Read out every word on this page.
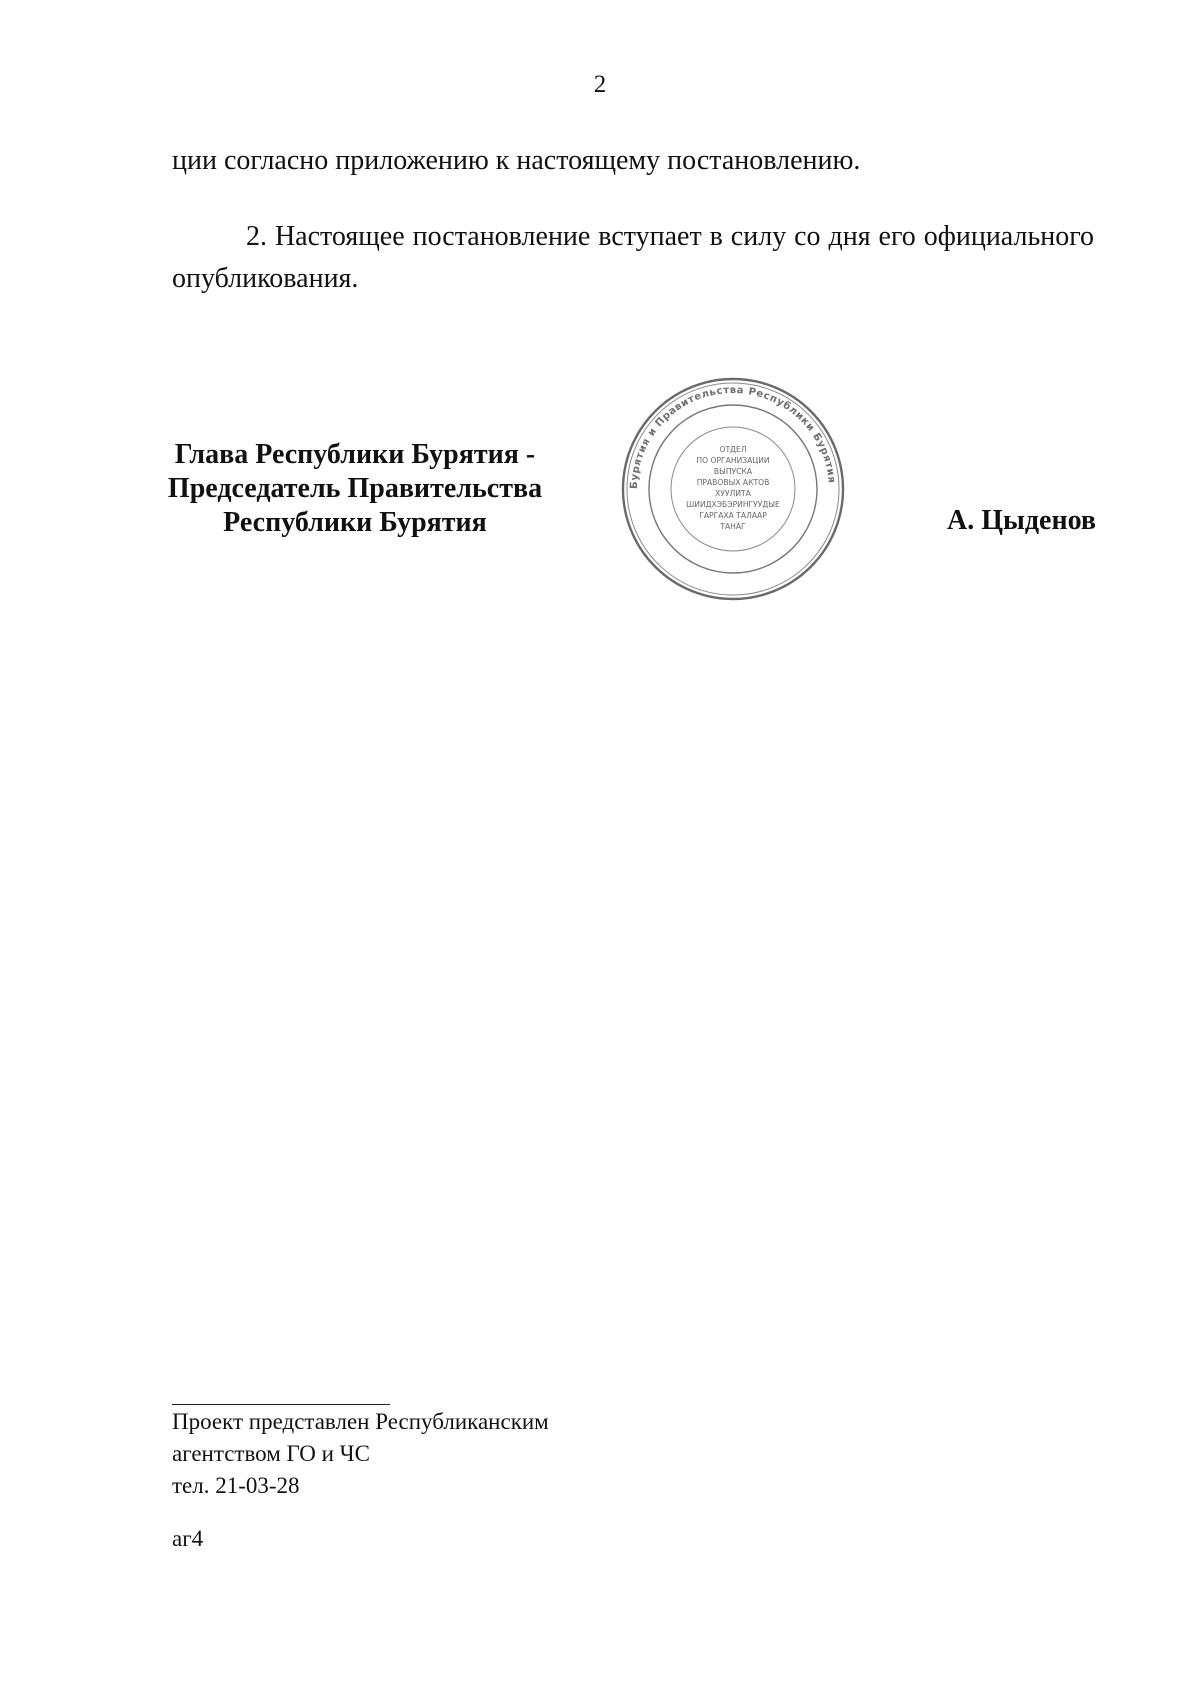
2

ции согласно приложению к настоящему постановлению.

2. Настоящее постановление вступает в силу со дня его официального опубликования.

Глава Республики Бурятия -
Председатель Правительства
Республики Бурятия
Бурятия и Правительства Республики Бурятия
ОТДЕЛ
ПО ОРГАНИЗАЦИИ
ВЫПУСКА
ПРАВОВЫХ АКТОВ
ХУУЛИТА
ШИИДХЭБЭРИНГУУДЫЕ
ГАРГАХА ТАЛААР
ТАНАГ	А. Цыденов
Проект представлен Республиканским
агентством ГО и ЧС
тел. 21-03-28
аг4
